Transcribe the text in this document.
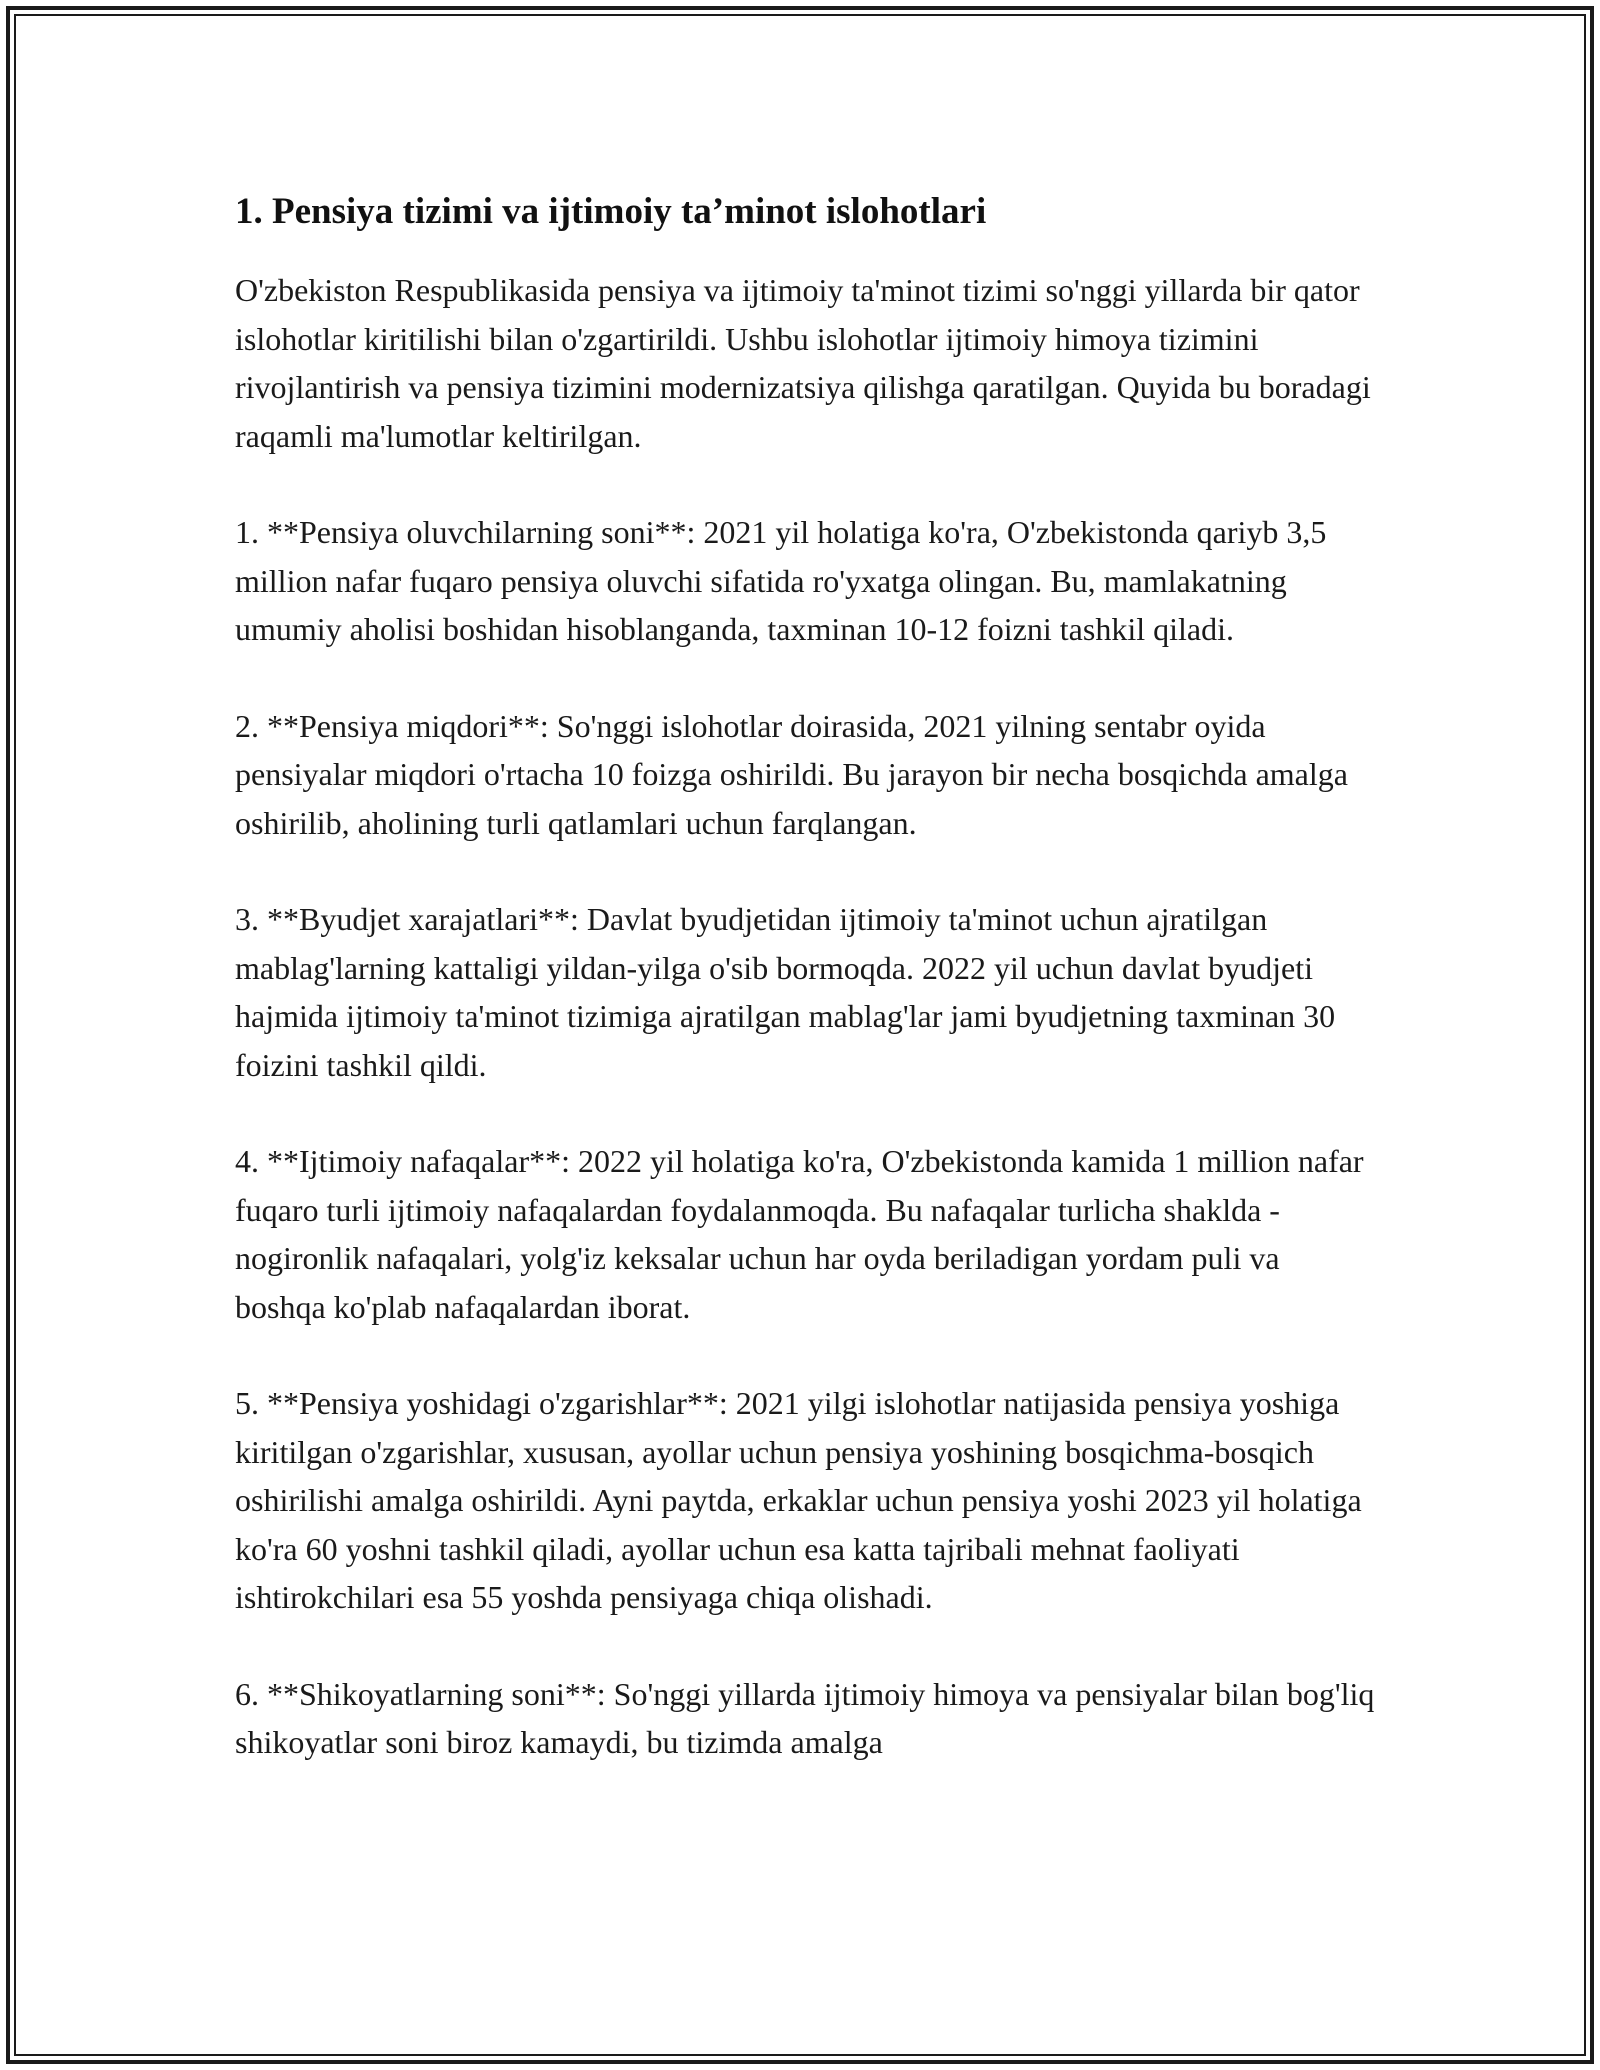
1. Pensiya tizimi va ijtimoiy ta’minot islohotlari

O'zbekiston Respublikasida pensiya va ijtimoiy ta'minot tizimi so'nggi yillarda bir qator islohotlar kiritilishi bilan o'zgartirildi. Ushbu islohotlar ijtimoiy himoya tizimini rivojlantirish va pensiya tizimini modernizatsiya qilishga qaratilgan. Quyida bu boradagi raqamli ma'lumotlar keltirilgan.

1. **Pensiya oluvchilarning soni**: 2021 yil holatiga ko'ra, O'zbekistonda qariyb 3,5 million nafar fuqaro pensiya oluvchi sifatida ro'yxatga olingan. Bu, mamlakatning umumiy aholisi boshidan hisoblanganda, taxminan 10-12 foizni tashkil qiladi.

2. **Pensiya miqdori**: So'nggi islohotlar doirasida, 2021 yilning sentabr oyida pensiyalar miqdori o'rtacha 10 foizga oshirildi. Bu jarayon bir necha bosqichda amalga oshirilib, aholining turli qatlamlari uchun farqlangan.

3. **Byudjet xarajatlari**: Davlat byudjetidan ijtimoiy ta'minot uchun ajratilgan mablag'larning kattaligi yildan-yilga o'sib bormoqda. 2022 yil uchun davlat byudjeti hajmida ijtimoiy ta'minot tizimiga ajratilgan mablag'lar jami byudjetning taxminan 30 foizini tashkil qildi.

4. **Ijtimoiy nafaqalar**: 2022 yil holatiga ko'ra, O'zbekistonda kamida 1 million nafar fuqaro turli ijtimoiy nafaqalardan foydalanmoqda. Bu nafaqalar turlicha shaklda - nogironlik nafaqalari, yolg'iz keksalar uchun har oyda beriladigan yordam puli va boshqa ko'plab nafaqalardan iborat.

5. **Pensiya yoshidagi o'zgarishlar**: 2021 yilgi islohotlar natijasida pensiya yoshiga kiritilgan o'zgarishlar, xususan, ayollar uchun pensiya yoshining bosqichma-bosqich oshirilishi amalga oshirildi. Ayni paytda, erkaklar uchun pensiya yoshi 2023 yil holatiga ko'ra 60 yoshni tashkil qiladi, ayollar uchun esa katta tajribali mehnat faoliyati ishtirokchilari esa 55 yoshda pensiyaga chiqa olishadi.

6. **Shikoyatlarning soni**: So'nggi yillarda ijtimoiy himoya va pensiyalar bilan bog'liq shikoyatlar soni biroz kamaydi, bu tizimda amalga
